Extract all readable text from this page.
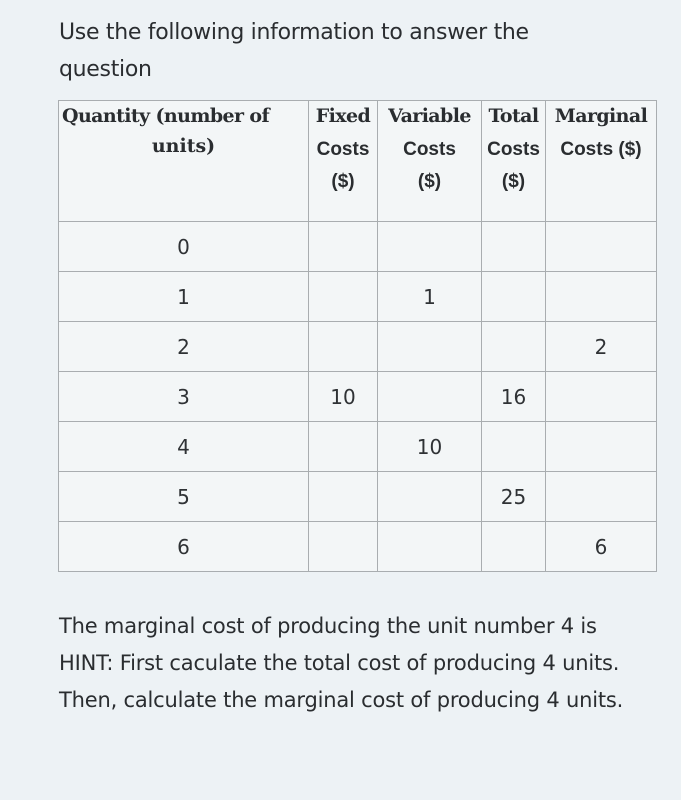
Use the following information to answer the
question
Quantity (number of
units)	Fixed
Costs
($)	Variable
Costs
($)	Total
Costs
($)	Marginal
Costs ($)

0				
1		1		
2				2
3	10		16	
4		10		
5			25	
6				6
The marginal cost of producing the unit number 4 is
HINT: First caculate the total cost of producing 4 units. Then, calculate the marginal cost of producing 4 units.
